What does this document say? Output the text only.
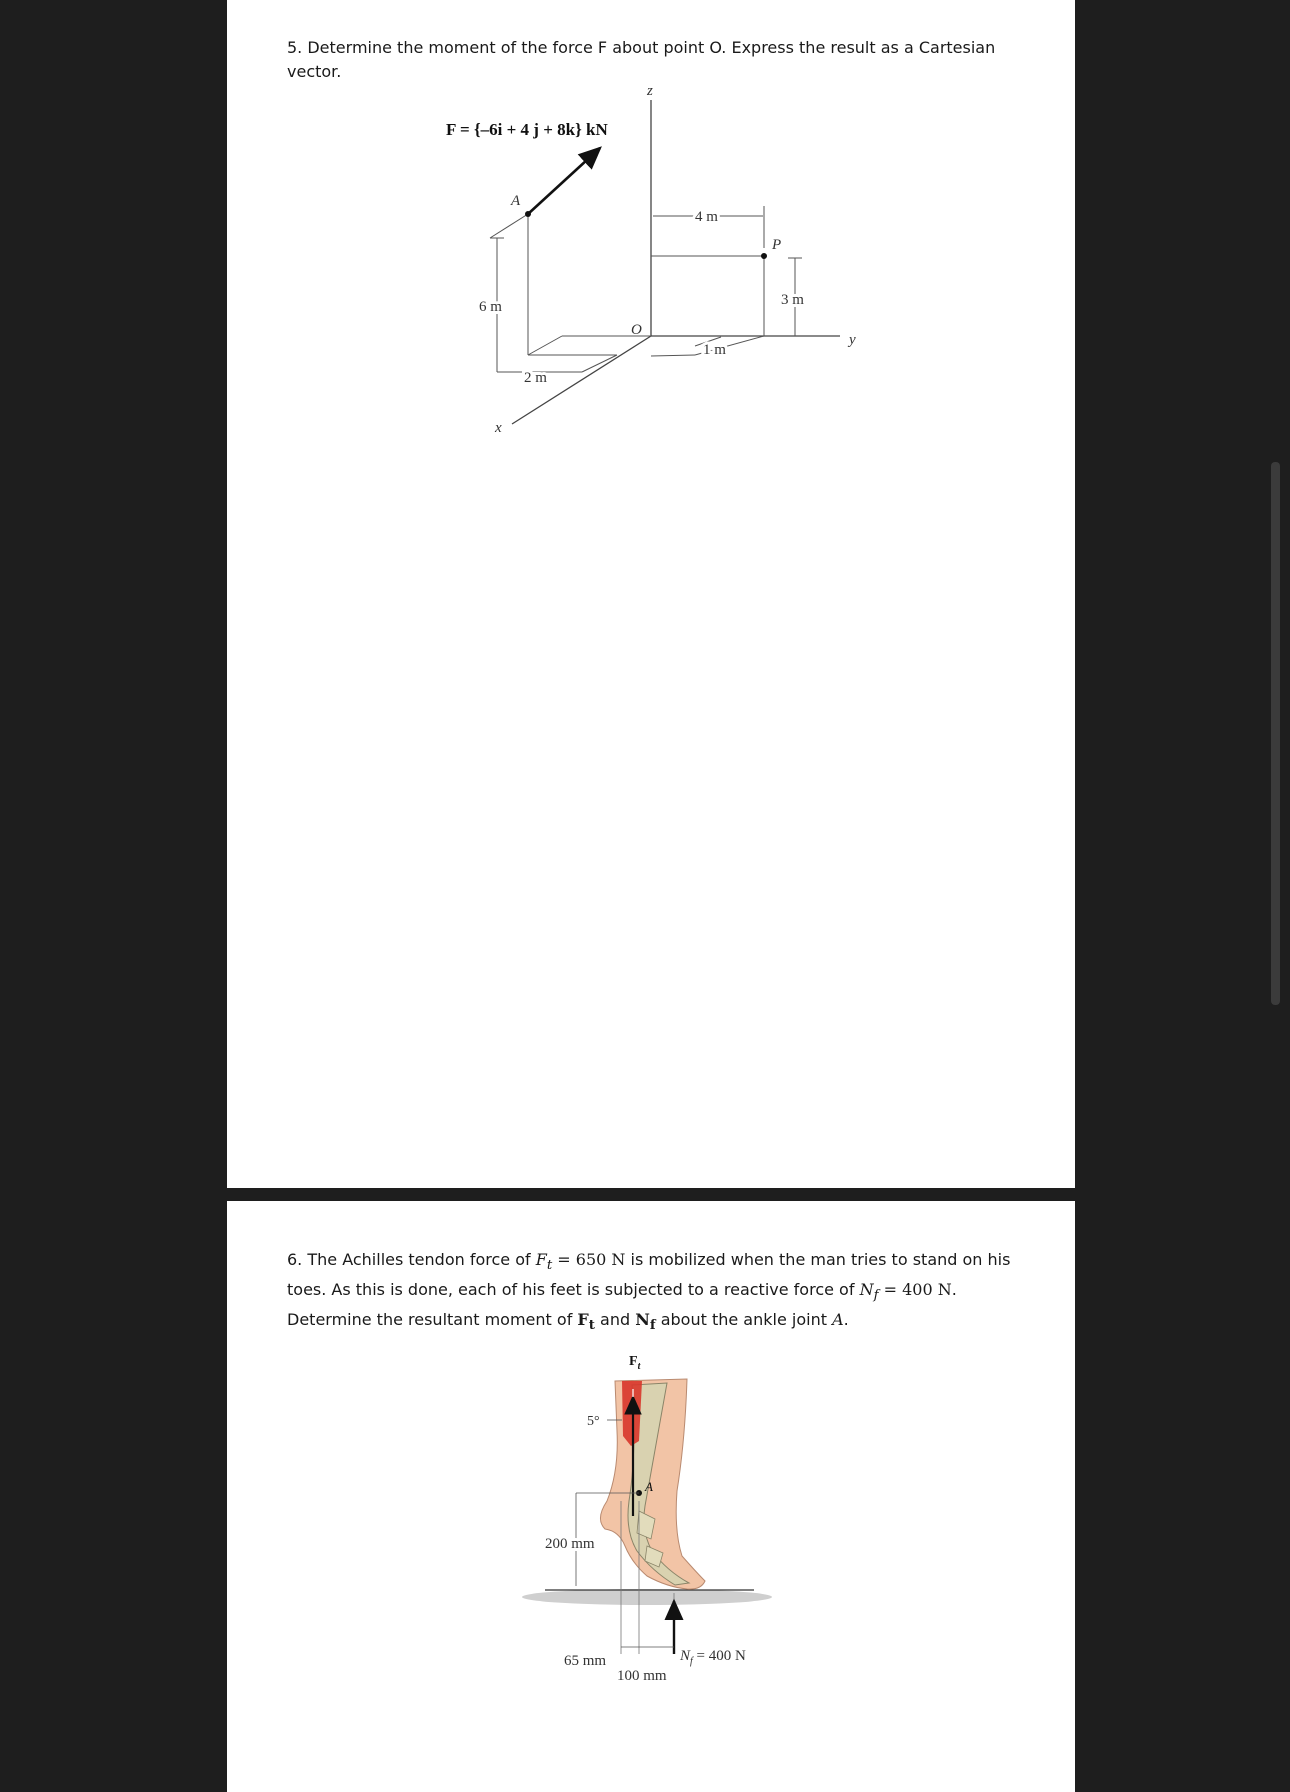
5. Determine the moment of the force F about point O. Express the result as a Cartesian vector.

F = {–6i + 4 j + 8k} kN
z
y
x
O
A
6 m
2 m
P
4 m
3 m
1 m

6. The Achilles tendon force of $F_t = 650$ N is mobilized when the man tries to stand on his toes. As this is done, each of his feet is subjected to a reactive force of $N_f = 400$ N. Determine the resultant moment of $F_t$ and $N_f$ about the ankle joint A.

$F_t$
5°
A
200 mm
65 mm
100 mm
$N_f = 400$ N
